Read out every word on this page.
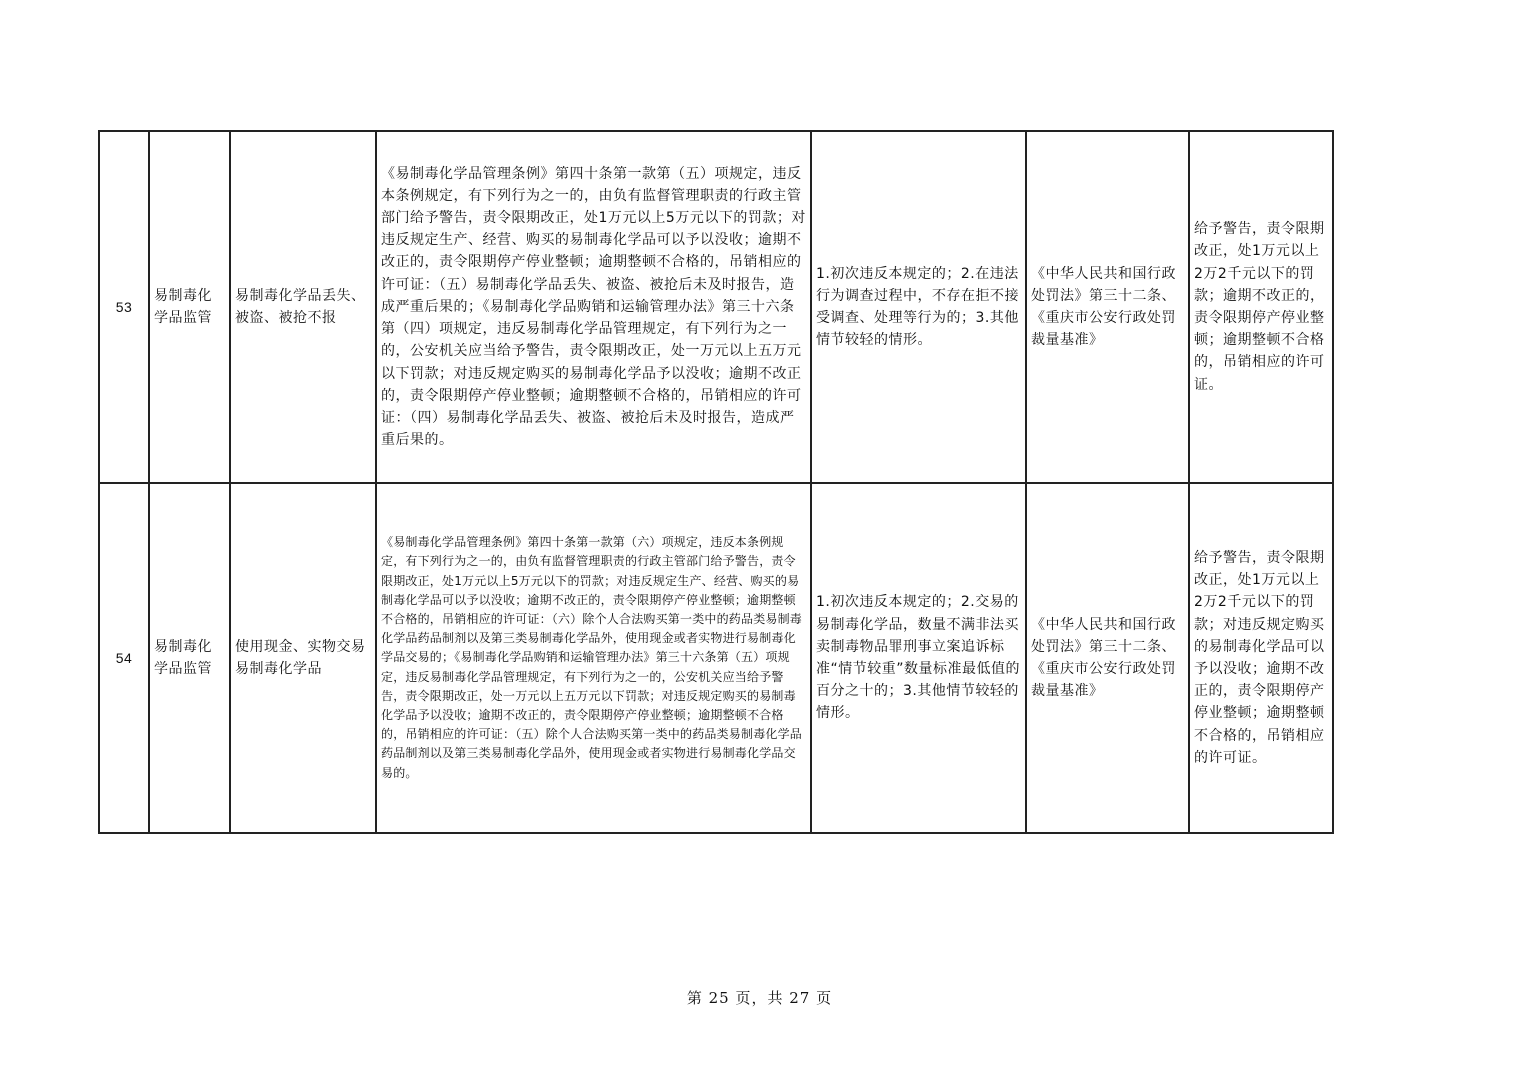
53	易制毒化学品监管	易制毒化学品丢失、被盗、被抢不报	《易制毒化学品管理条例》第四十条第一款第（五）项规定，违反本条例规定，有下列行为之一的，由负有监督管理职责的行政主管部门给予警告，责令限期改正，处1万元以上5万元以下的罚款；对违反规定生产、经营、购买的易制毒化学品可以予以没收；逾期不改正的，责令限期停产停业整顿；逾期整顿不合格的，吊销相应的许可证：（五）易制毒化学品丢失、被盗、被抢后未及时报告，造成严重后果的；《易制毒化学品购销和运输管理办法》第三十六条第（四）项规定，违反易制毒化学品管理规定，有下列行为之一的，公安机关应当给予警告，责令限期改正，处一万元以上五万元以下罚款；对违反规定购买的易制毒化学品予以没收；逾期不改正的，责令限期停产停业整顿；逾期整顿不合格的，吊销相应的许可证：（四）易制毒化学品丢失、被盗、被抢后未及时报告，造成严重后果的。	1.初次违反本规定的；2.在违法行为调查过程中，不存在拒不接受调查、处理等行为的；3.其他情节较轻的情形。	《中华人民共和国行政处罚法》第三十二条、《重庆市公安行政处罚裁量基准》	给予警告，责令限期改正，处1万元以上2万2千元以下的罚款；逾期不改正的，责令限期停产停业整顿；逾期整顿不合格的，吊销相应的许可证。
54	易制毒化学品监管	使用现金、实物交易易制毒化学品	《易制毒化学品管理条例》第四十条第一款第（六）项规定，违反本条例规定，有下列行为之一的，由负有监督管理职责的行政主管部门给予警告，责令限期改正，处1万元以上5万元以下的罚款；对违反规定生产、经营、购买的易制毒化学品可以予以没收；逾期不改正的，责令限期停产停业整顿；逾期整顿不合格的，吊销相应的许可证：（六）除个人合法购买第一类中的药品类易制毒化学品药品制剂以及第三类易制毒化学品外，使用现金或者实物进行易制毒化学品交易的；《易制毒化学品购销和运输管理办法》第三十六条第（五）项规定，违反易制毒化学品管理规定，有下列行为之一的，公安机关应当给予警告，责令限期改正，处一万元以上五万元以下罚款；对违反规定购买的易制毒化学品予以没收；逾期不改正的，责令限期停产停业整顿；逾期整顿不合格的，吊销相应的许可证：（五）除个人合法购买第一类中的药品类易制毒化学品药品制剂以及第三类易制毒化学品外，使用现金或者实物进行易制毒化学品交易的。	1.初次违反本规定的；2.交易的易制毒化学品，数量不满非法买卖制毒物品罪刑事立案追诉标准“情节较重”数量标准最低值的百分之十的；3.其他情节较轻的情形。	《中华人民共和国行政处罚法》第三十二条、《重庆市公安行政处罚裁量基准》	给予警告，责令限期改正，处1万元以上2万2千元以下的罚款；对违反规定购买的易制毒化学品可以予以没收；逾期不改正的，责令限期停产停业整顿；逾期整顿不合格的，吊销相应的许可证。
第 25 页，共 27 页
